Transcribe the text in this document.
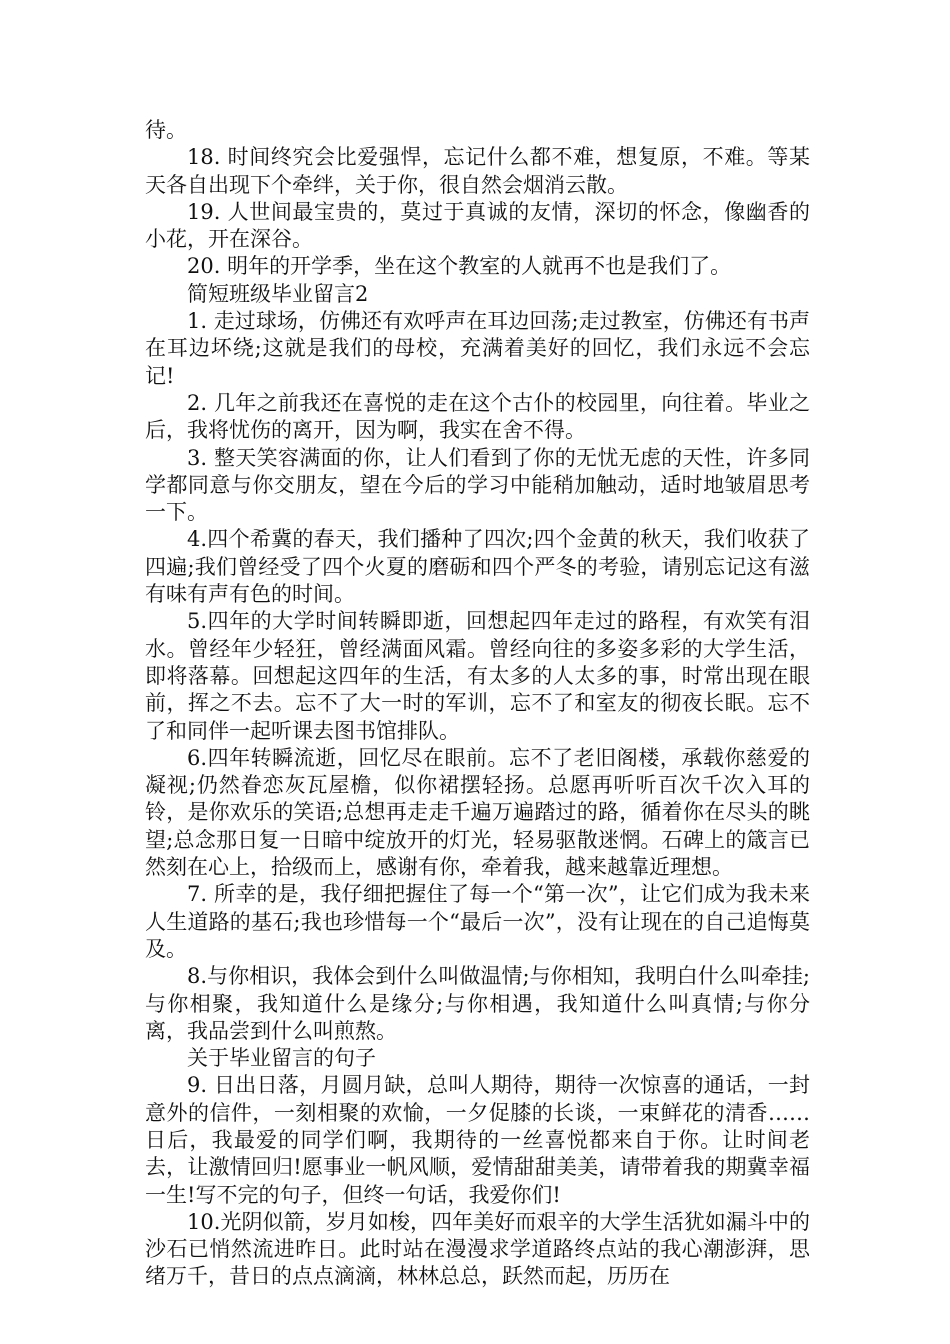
待。

18. 时间终究会比爱强悍，忘记什么都不难，想复原，不难。等某天各自出现下个牵绊，关于你，很自然会烟消云散。

19. 人世间最宝贵的，莫过于真诚的友情，深切的怀念，像幽香的小花，开在深谷。

20. 明年的开学季，坐在这个教室的人就再不也是我们了。

简短班级毕业留言2

1. 走过球场，仿佛还有欢呼声在耳边回荡;走过教室，仿佛还有书声在耳边坏绕;这就是我们的母校，充满着美好的回忆，我们永远不会忘记!

2. 几年之前我还在喜悦的走在这个古仆的校园里，向往着。毕业之后，我将忧伤的离开，因为啊，我实在舍不得。

3. 整天笑容满面的你，让人们看到了你的无忧无虑的天性，许多同学都同意与你交朋友，望在今后的学习中能稍加触动，适时地皱眉思考一下。

4.四个希冀的春天，我们播种了四次;四个金黄的秋天，我们收获了四遍;我们曾经受了四个火夏的磨砺和四个严冬的考验，请别忘记这有滋有味有声有色的时间。

5.四年的大学时间转瞬即逝，回想起四年走过的路程，有欢笑有泪水。曾经年少轻狂，曾经满面风霜。曾经向往的多姿多彩的大学生活，即将落幕。回想起这四年的生活，有太多的人太多的事，时常出现在眼前，挥之不去。忘不了大一时的军训，忘不了和室友的彻夜长眠。忘不了和同伴一起听课去图书馆排队。

6.四年转瞬流逝，回忆尽在眼前。忘不了老旧阁楼，承载你慈爱的凝视;仍然眷恋灰瓦屋檐，似你裙摆轻扬。总愿再听听百次千次入耳的铃，是你欢乐的笑语;总想再走走千遍万遍踏过的路，循着你在尽头的眺望;总念那日复一日暗中绽放开的灯光，轻易驱散迷惘。石碑上的箴言已然刻在心上，拾级而上，感谢有你，牵着我，越来越靠近理想。

7. 所幸的是，我仔细把握住了每一个“第一次”，让它们成为我未来人生道路的基石;我也珍惜每一个“最后一次”，没有让现在的自己追悔莫及。

8.与你相识，我体会到什么叫做温情;与你相知，我明白什么叫牵挂;与你相聚，我知道什么是缘分;与你相遇，我知道什么叫真情;与你分离，我品尝到什么叫煎熬。

关于毕业留言的句子

9. 日出日落，月圆月缺，总叫人期待，期待一次惊喜的通话，一封意外的信件，一刻相聚的欢愉，一夕促膝的长谈，一束鲜花的清香……日后，我最爱的同学们啊，我期待的一丝喜悦都来自于你。让时间老去，让激情回归!愿事业一帆风顺，爱情甜甜美美，请带着我的期冀幸福一生!写不完的句子，但终一句话，我爱你们!

10.光阴似箭，岁月如梭，四年美好而艰辛的大学生活犹如漏斗中的沙石已悄然流进昨日。此时站在漫漫求学道路终点站的我心潮澎湃，思绪万千，昔日的点点滴滴，林林总总，跃然而起，历历在
